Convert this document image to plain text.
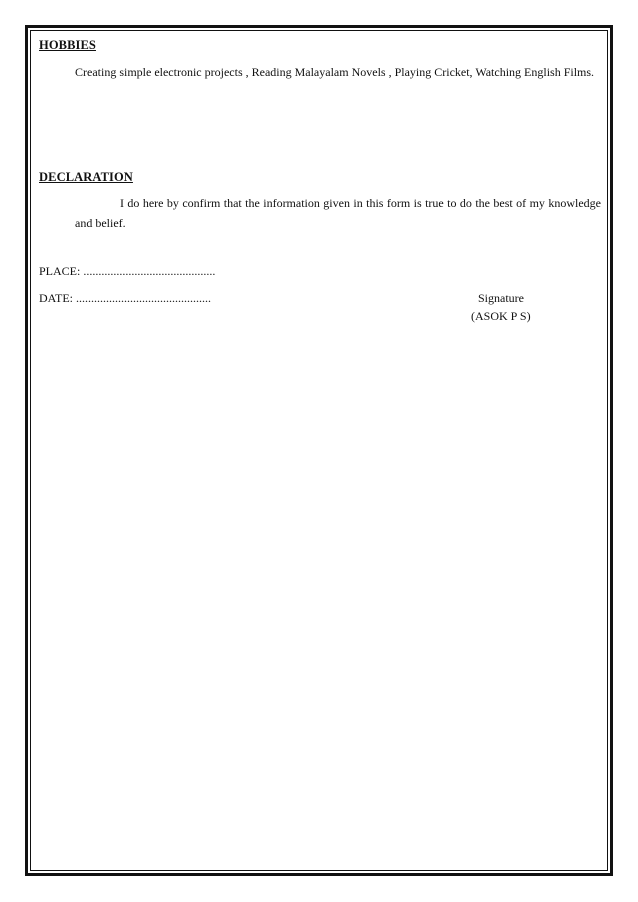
HOBBIES
Creating simple electronic projects , Reading Malayalam Novels , Playing Cricket, Watching English Films.
DECLARATION
I do here by confirm that the information given in this form is true to do the best of my knowledge and belief.
PLACE: ............................................
DATE: .............................................	Signature
(ASOK P S)
